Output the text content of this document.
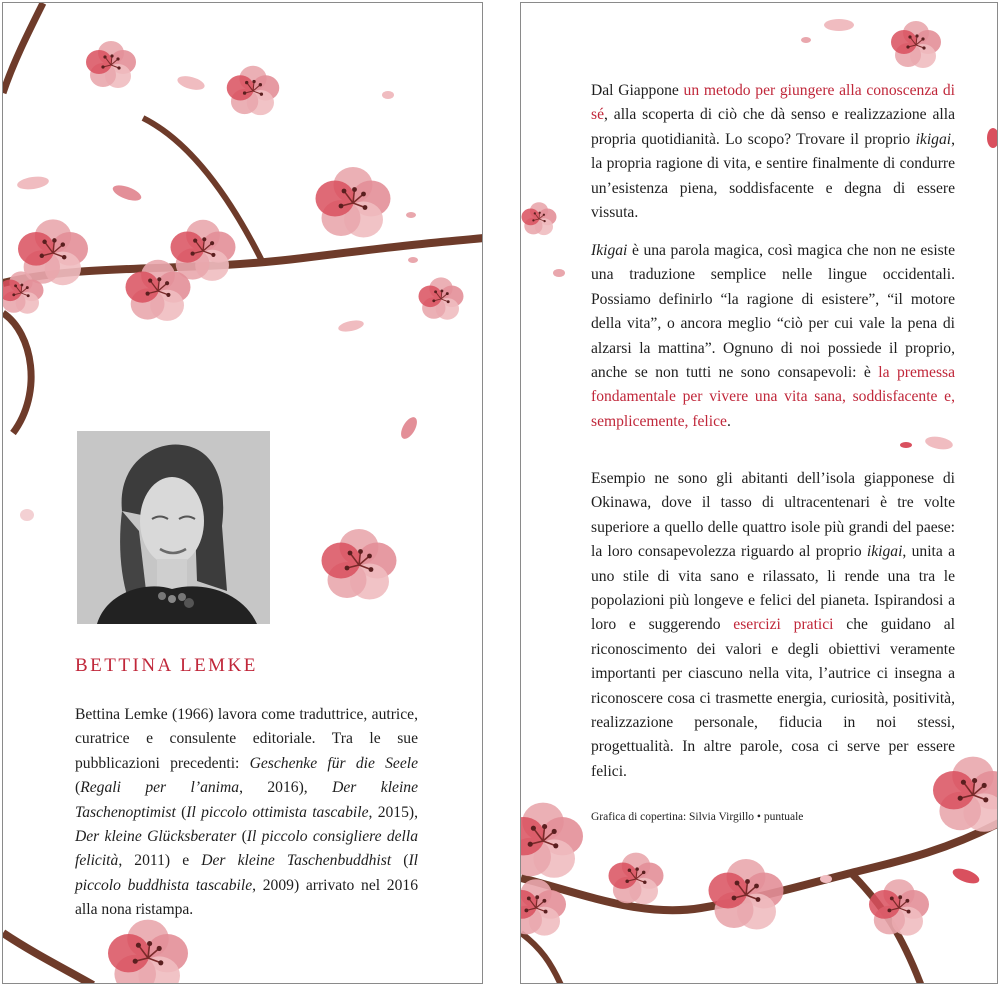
BETTINA LEMKE
Bettina Lemke (1966) lavora come traduttrice, autrice, curatrice e consulente editoriale. Tra le sue pubblicazioni precedenti: Geschenke für die Seele (Regali per l’anima, 2016), Der kleine Taschenoptimist (Il piccolo ottimista tascabile, 2015), Der kleine Glücksberater (Il piccolo consigliere della felicità, 2011) e Der kleine Taschenbuddhist (Il piccolo buddhista tascabile, 2009) arrivato nel 2016 alla nona ristampa.
Dal Giappone un metodo per giungere alla conoscenza di sé, alla scoperta di ciò che dà senso e realizzazione alla propria quotidianità. Lo scopo? Trovare il proprio ikigai, la propria ragione di vita, e sentire finalmente di condurre un’esistenza piena, soddisfacente e degna di essere vissuta.
Ikigai è una parola magica, così magica che non ne esiste una traduzione semplice nelle lingue occidentali. Possiamo definirlo “la ragione di esistere”, “il motore della vita”, o ancora meglio “ciò per cui vale la pena di alzarsi la mattina”. Ognuno di noi possiede il proprio, anche se non tutti ne sono consapevoli: è la premessa fondamentale per vivere una vita sana, soddisfacente e, semplicemente, felice.
Esempio ne sono gli abitanti dell’isola giapponese di Okinawa, dove il tasso di ultracentenari è tre volte superiore a quello delle quattro isole più grandi del paese: la loro consapevolezza riguardo al proprio ikigai, unita a uno stile di vita sano e rilassato, li rende una tra le popolazioni più longeve e felici del pianeta. Ispirandosi a loro e suggerendo esercizi pratici che guidano al riconoscimento dei valori e degli obiettivi veramente importanti per ciascuno nella vita, l’autrice ci insegna a riconoscere cosa ci trasmette energia, curiosità, positività, realizzazione personale, fiducia in noi stessi, progettualità. In altre parole, cosa ci serve per essere felici.
Grafica di copertina: Silvia Virgillo • puntuale
